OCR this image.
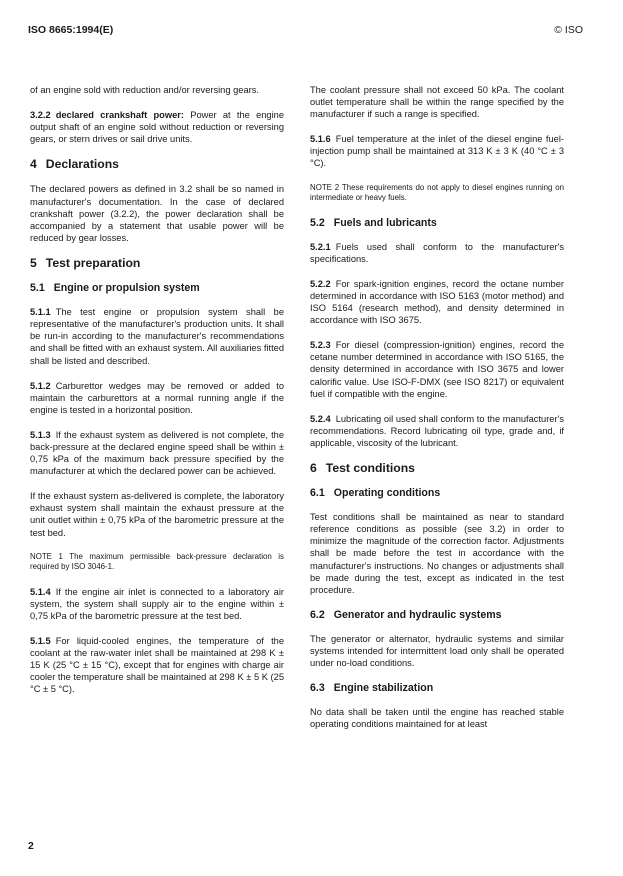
ISO 8665:1994(E)	© ISO

of an engine sold with reduction and/or reversing gears.

3.2.2 declared crankshaft power: Power at the engine output shaft of an engine sold without reduction or reversing gears, or stern drives or sail drive units.

4 Declarations

The declared powers as defined in 3.2 shall be so named in manufacturer's documentation. In the case of declared crankshaft power (3.2.2), the power declaration shall be accompanied by a statement that usable power will be reduced by gear losses.

5 Test preparation
5.1 Engine or propulsion system

5.1.1 The test engine or propulsion system shall be representative of the manufacturer's production units. It shall be run-in according to the manufacturer's recommendations and shall be fitted with an exhaust system. All auxiliaries fitted shall be listed and described.

5.1.2 Carburettor wedges may be removed or added to maintain the carburettors at a normal running angle if the engine is tested in a horizontal position.

5.1.3 If the exhaust system as delivered is not complete, the back-pressure at the declared engine speed shall be within ± 0,75 kPa of the maximum back pressure specified by the manufacturer at which the declared power can be achieved.

If the exhaust system as-delivered is complete, the laboratory exhaust system shall maintain the exhaust pressure at the unit outlet within ± 0,75 kPa of the barometric pressure at the test bed.

NOTE 1 The maximum permissible back-pressure declaration is required by ISO 3046-1.

5.1.4 If the engine air inlet is connected to a laboratory air system, the system shall supply air to the engine within ± 0,75 kPa of the barometric pressure at the test bed.

5.1.5 For liquid-cooled engines, the temperature of the coolant at the raw-water inlet shall be maintained at 298 K ± 15 K (25 °C ± 15 °C), except that for engines with charge air cooler the temperature shall be maintained at 298 K ± 5 K (25 °C ± 5 °C).

The coolant pressure shall not exceed 50 kPa. The coolant outlet temperature shall be within the range specified by the manufacturer if such a range is specified.

5.1.6 Fuel temperature at the inlet of the diesel engine fuel-injection pump shall be maintained at 313 K ± 3 K (40 °C ± 3 °C).

NOTE 2 These requirements do not apply to diesel engines running on intermediate or heavy fuels.
5.2 Fuels and lubricants

5.2.1 Fuels used shall conform to the manufacturer's specifications.

5.2.2 For spark-ignition engines, record the octane number determined in accordance with ISO 5163 (motor method) and ISO 5164 (research method), and density determined in accordance with ISO 3675.

5.2.3 For diesel (compression-ignition) engines, record the cetane number determined in accordance with ISO 5165, the density determined in accordance with ISO 3675 and lower calorific value. Use ISO-F-DMX (see ISO 8217) or equivalent fuel if compatible with the engine.

5.2.4 Lubricating oil used shall conform to the manufacturer's recommendations. Record lubricating oil type, grade and, if applicable, viscosity of the lubricant.

6 Test conditions
6.1 Operating conditions

Test conditions shall be maintained as near to standard reference conditions as possible (see 3.2) in order to minimize the magnitude of the correction factor. Adjustments shall be made before the test in accordance with the manufacturer's instructions. No changes or adjustments shall be made during the test, except as indicated in the test procedure.

6.2 Generator and hydraulic systems

The generator or alternator, hydraulic systems and similar systems intended for intermittent load only shall be operated under no-load conditions.

6.3 Engine stabilization

No data shall be taken until the engine has reached stable operating conditions maintained for at least

2
